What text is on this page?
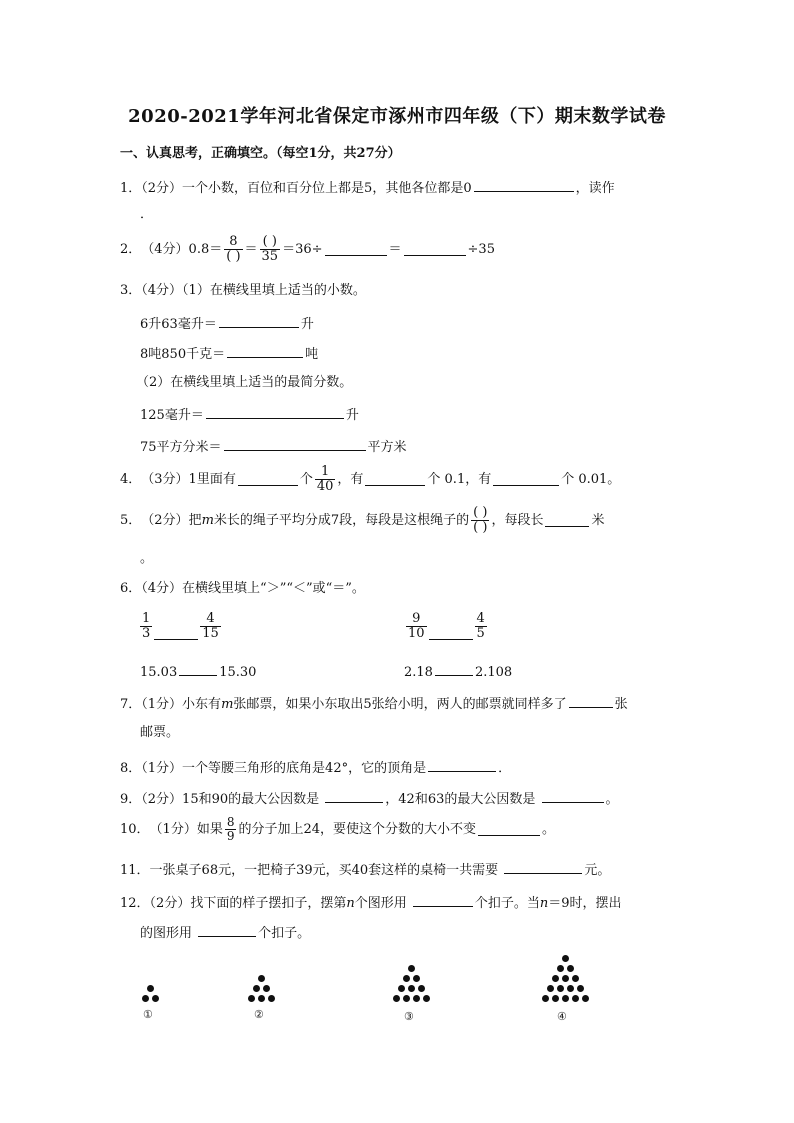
2020-2021学年河北省保定市涿州市四年级（下）期末数学试卷
一、认真思考，正确填空。（每空1分，共27分）
1．（2分）一个小数，百位和百分位上都是5，其他各位都是0	，读作
．
2． （4分）$0.8= \frac{8}{( )} = \frac{( )}{35} =36\div$	＝	÷35
3．（4分）（1）在横线里填上适当的小数。
6升63毫升＝	升
8吨850千克＝	吨
（2）在横线里填上适当的最简分数。
125毫升＝	升
75平方分米＝	平方米
4． （3分）1里面有	个 $\frac{1}{40}$ ，有	个 0.1，有	个 0.01。
5． （2分）把 m 米长的绳子平均分成7段，每段是这根绳子的 $\frac{( )}{( )}$ ，每段长	米
。
6．（4分）在横线里填上“＞”“＜”或“＝”。
$\frac{1}{3}$	$\frac{4}{15}$	$\frac{9}{10}$	$\frac{4}{5}$
15.03	15.30	2.18	2.108
7．（1分）小东有m张邮票，如果小东取出5张给小明，两人的邮票就同样多了	张
邮票。
8．（1分）一个等腰三角形的底角是42°，它的顶角是	．
9．（2分）15和90的最大公因数是	，42和63的最大公因数是	。
10． （1分）如果 $\frac{8}{9}$ 的分子加上24，要使这个分数的大小不变	。
11．一张桌子68元，一把椅子39元，买40套这样的桌椅一共需要	元。
12．（2分）找下面的样子摆扣子，摆第n个图形用	个扣子。当n＝9时，摆出
的图形用	个扣子。
①	②	③	④
